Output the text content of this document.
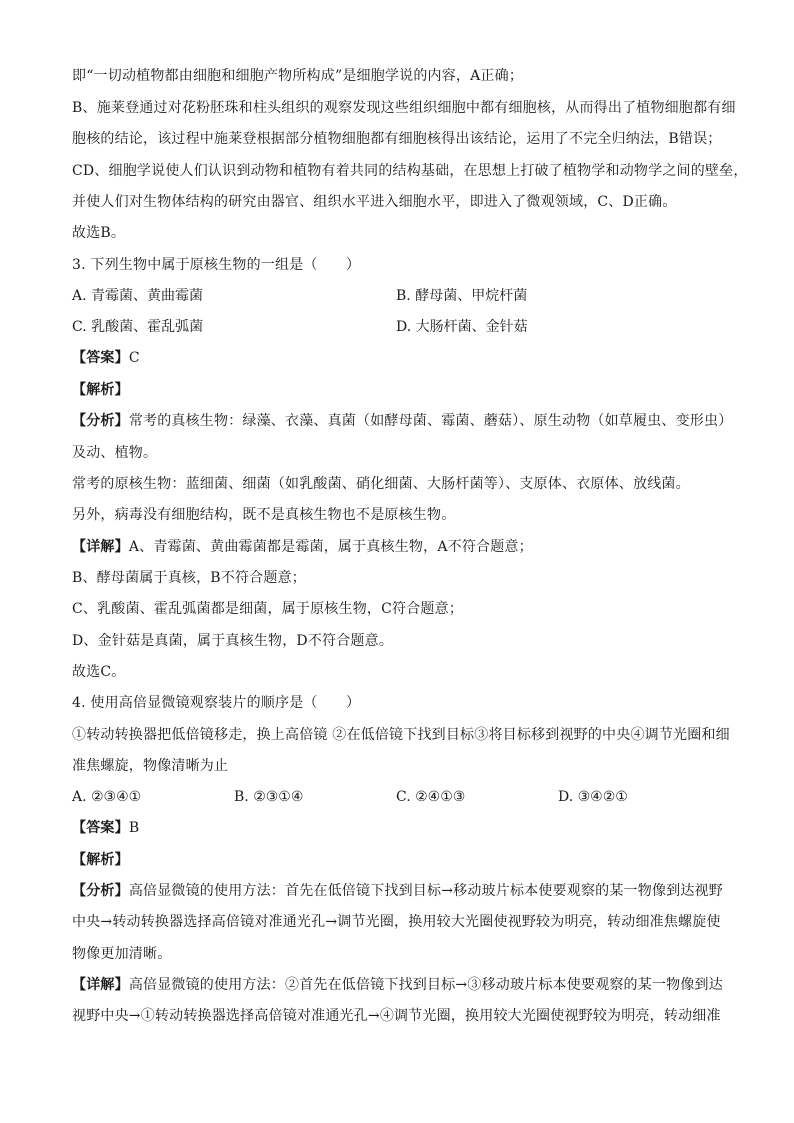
即“一切动植物都由细胞和细胞产物所构成”是细胞学说的内容，A正确；
B、施莱登通过对花粉胚珠和柱头组织的观察发现这些组织细胞中都有细胞核，从而得出了植物细胞都有细
胞核的结论，该过程中施莱登根据部分植物细胞都有细胞核得出该结论，运用了不完全归纳法，B错误；
CD、细胞学说使人们认识到动物和植物有着共同的结构基础，在思想上打破了植物学和动物学之间的壁垒，
并使人们对生物体结构的研究由器官、组织水平进入细胞水平，即进入了微观领域，C、D正确。
故选B。
3. 下列生物中属于原核生物的一组是（　　）
A. 青霉菌、黄曲霉菌	B. 酵母菌、甲烷杆菌
C. 乳酸菌、霍乱弧菌	D. 大肠杆菌、金针菇
【答案】C
【解析】
【分析】常考的真核生物：绿藻、衣藻、真菌（如酵母菌、霉菌、蘑菇）、原生动物（如草履虫、变形虫）
及动、植物。
常考的原核生物：蓝细菌、细菌（如乳酸菌、硝化细菌、大肠杆菌等）、支原体、衣原体、放线菌。
另外，病毒没有细胞结构，既不是真核生物也不是原核生物。
【详解】A、青霉菌、黄曲霉菌都是霉菌，属于真核生物，A不符合题意；
B、酵母菌属于真核，B不符合题意；
C、乳酸菌、霍乱弧菌都是细菌，属于原核生物，C符合题意；
D、金针菇是真菌，属于真核生物，D不符合题意。
故选C。
4. 使用高倍显微镜观察装片的顺序是（　　）
①转动转换器把低倍镜移走，换上高倍镜 ②在低倍镜下找到目标③将目标移到视野的中央④调节光圈和细
准焦螺旋，物像清晰为止
A. ②③④①	B. ②③①④	C. ②④①③	D. ③④②①
【答案】B
【解析】
【分析】高倍显微镜的使用方法：首先在低倍镜下找到目标→移动玻片标本使要观察的某一物像到达视野
中央→转动转换器选择高倍镜对准通光孔→调节光圈，换用较大光圈使视野较为明亮，转动细准焦螺旋使
物像更加清晰。
【详解】高倍显微镜的使用方法：②首先在低倍镜下找到目标→③移动玻片标本使要观察的某一物像到达
视野中央→①转动转换器选择高倍镜对准通光孔→④调节光圈，换用较大光圈使视野较为明亮，转动细准
